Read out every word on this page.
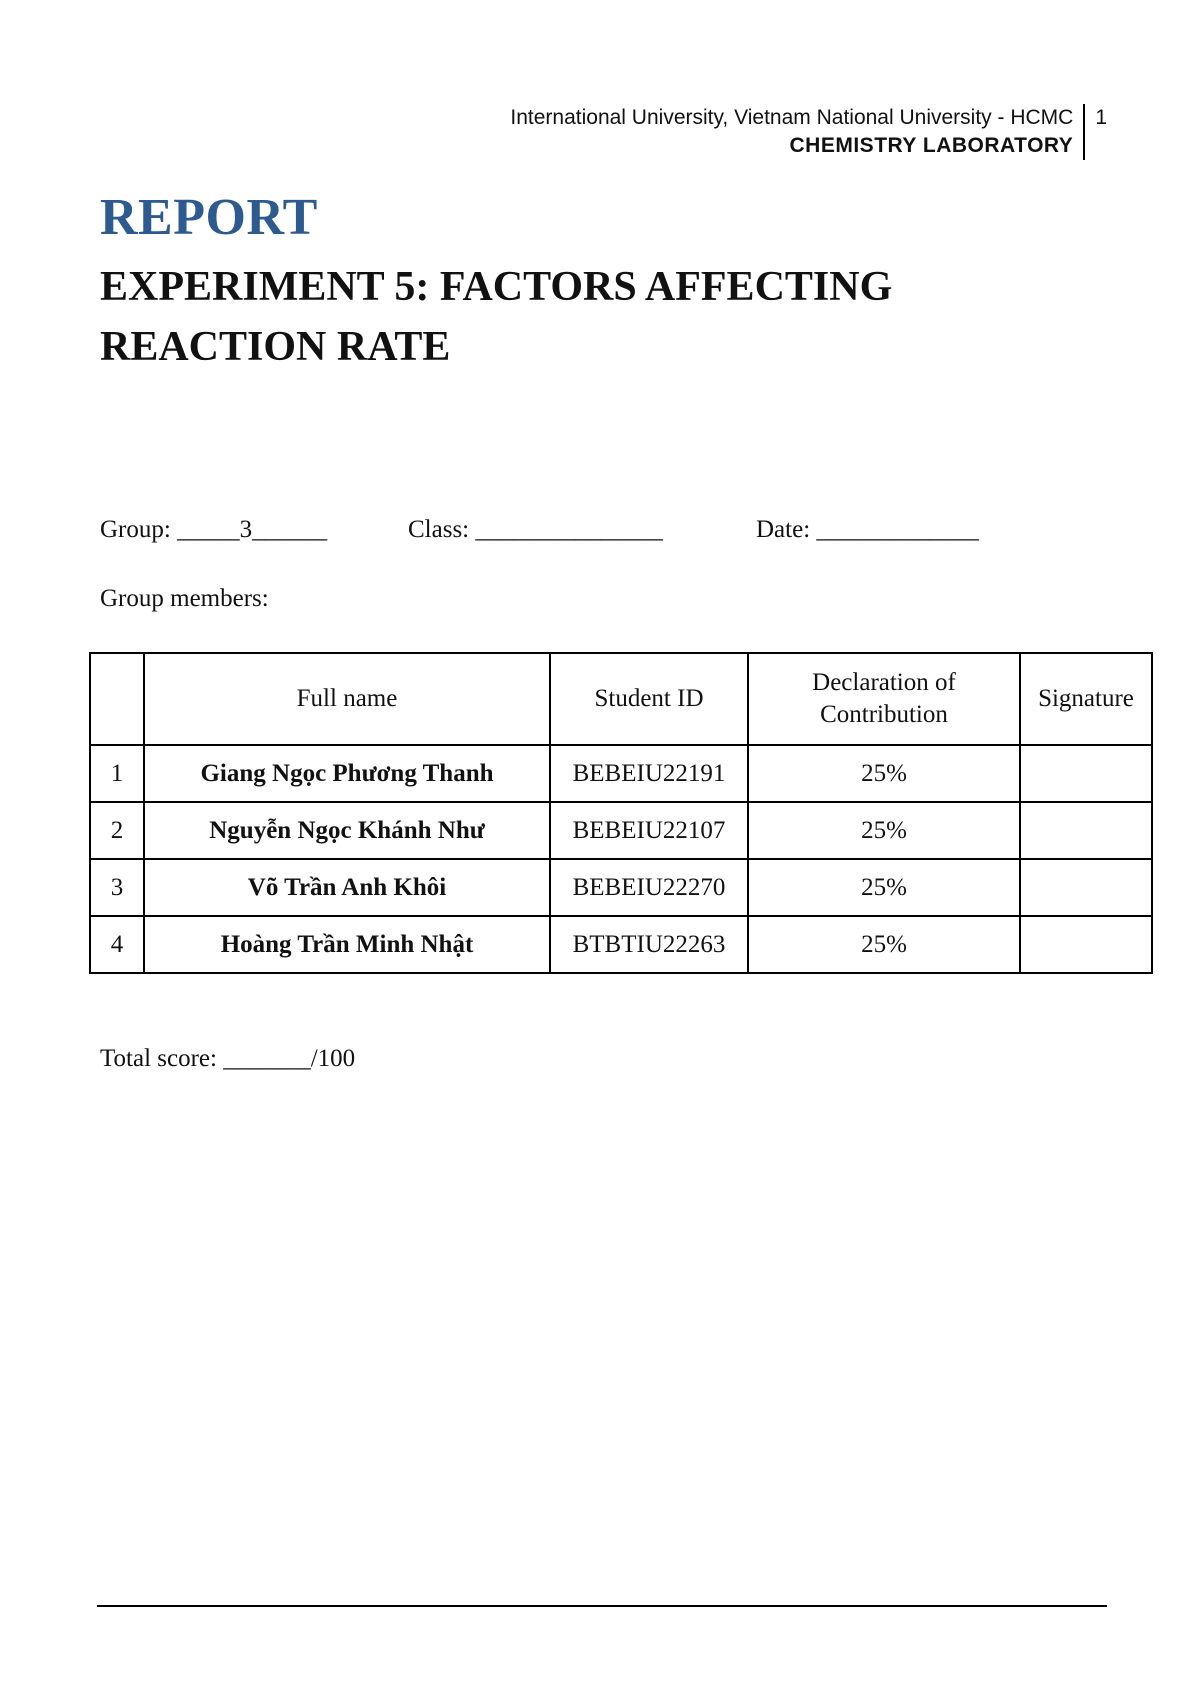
International University, Vietnam National University - HCMC
CHEMISTRY LABORATORY
1
REPORT
EXPERIMENT 5: FACTORS AFFECTING REACTION RATE
Group: _____3______	Class: _______________	Date: _____________
Group members:
	Full name	Student ID	Declaration of Contribution	Signature
1	Giang Ngọc Phương Thanh	BEBEIU22191	25%	
2	Nguyễn Ngọc Khánh Như	BEBEIU22107	25%	
3	Võ Trần Anh Khôi	BEBEIU22270	25%	
4	Hoàng Trần Minh Nhật	BTBTIU22263	25%	
Total score: _______/100
